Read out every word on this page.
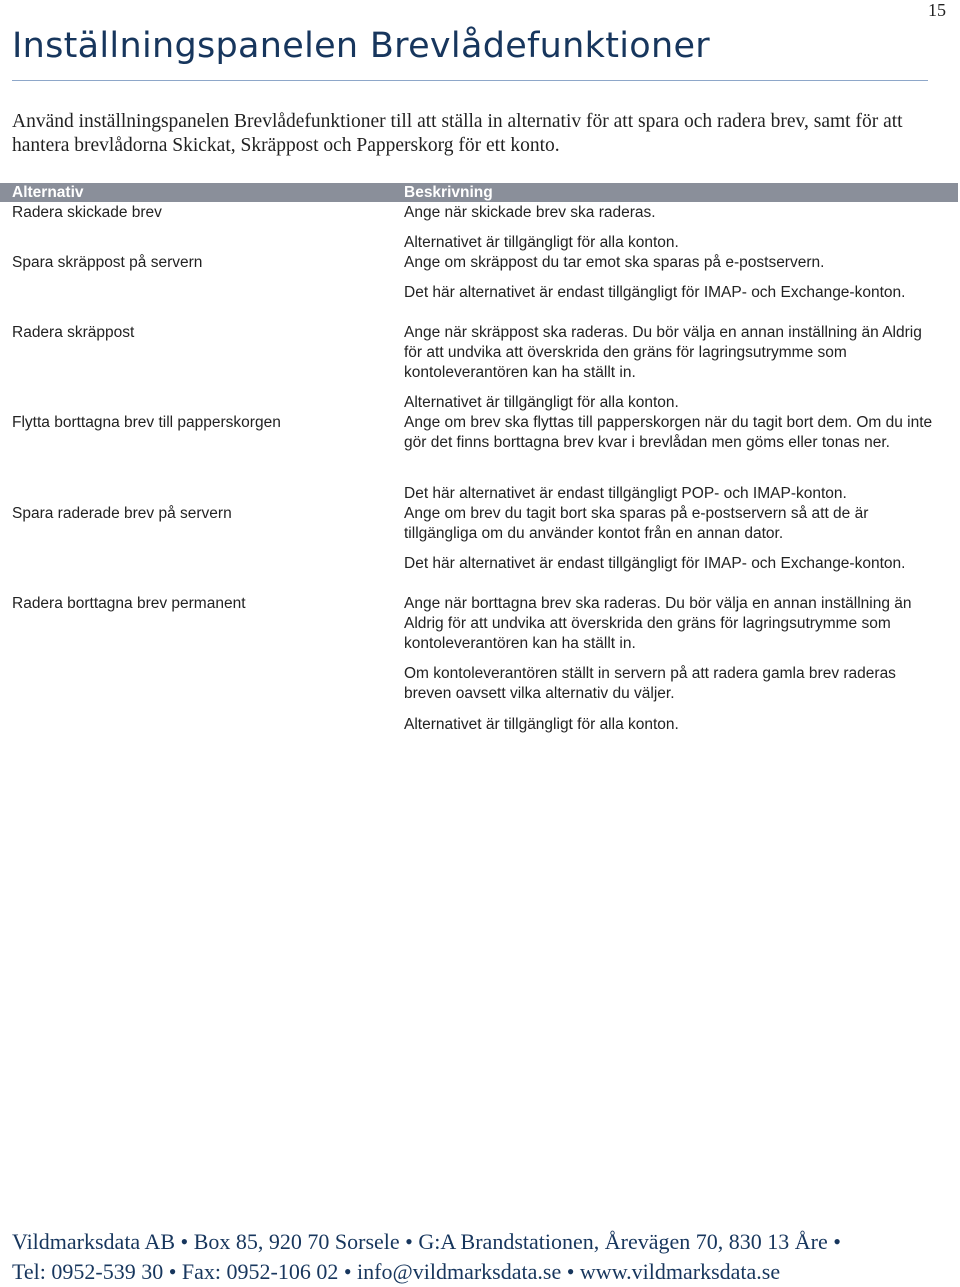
15
Inställningspanelen Brevlådefunktioner

Använd inställningspanelen Brevlådefunktioner till att ställa in alternativ för att spara och radera brev, samt för att hantera brevlådorna Skickat, Skräppost och Papperskorg för ett konto.

Alternativ	Beskrivning
Radera skickade brev
Spara skräppost på servern
Radera skräppost
Flytta borttagna brev till papperskorgen
Spara raderade brev på servern
Radera borttagna brev permanent
Ange när skickade brev ska raderas.
Alternativet är tillgängligt för alla konton.
Ange om skräppost du tar emot ska sparas på e-postservern.
Det här alternativet är endast tillgängligt för IMAP- och Exchange-konton.
Ange när skräppost ska raderas. Du bör välja en annan inställning än Aldrig för att undvika att överskrida den gräns för lagringsutrymme som kontoleverantören kan ha ställt in.
Alternativet är tillgängligt för alla konton.
Ange om brev ska flyttas till papperskorgen när du tagit bort dem. Om du inte gör det finns borttagna brev kvar i brevlådan men göms eller tonas ner.
Det här alternativet är endast tillgängligt POP- och IMAP-konton.
Ange om brev du tagit bort ska sparas på e-postservern så att de är tillgängliga om du använder kontot från en annan dator.
Det här alternativet är endast tillgängligt för IMAP- och Exchange-konton.
Ange när borttagna brev ska raderas. Du bör välja en annan inställning än Aldrig för att undvika att överskrida den gräns för lagringsutrymme som kontoleverantören kan ha ställt in.
Om kontoleverantören ställt in servern på att radera gamla brev raderas breven oavsett vilka alternativ du väljer.
Alternativet är tillgängligt för alla konton.
Vildmarksdata AB • Box 85, 920 70 Sorsele • G:A Brandstationen, Årevägen 70, 830 13 Åre •
Tel: 0952-539 30 • Fax: 0952-106 02 • info@vildmarksdata.se • www.vildmarksdata.se
